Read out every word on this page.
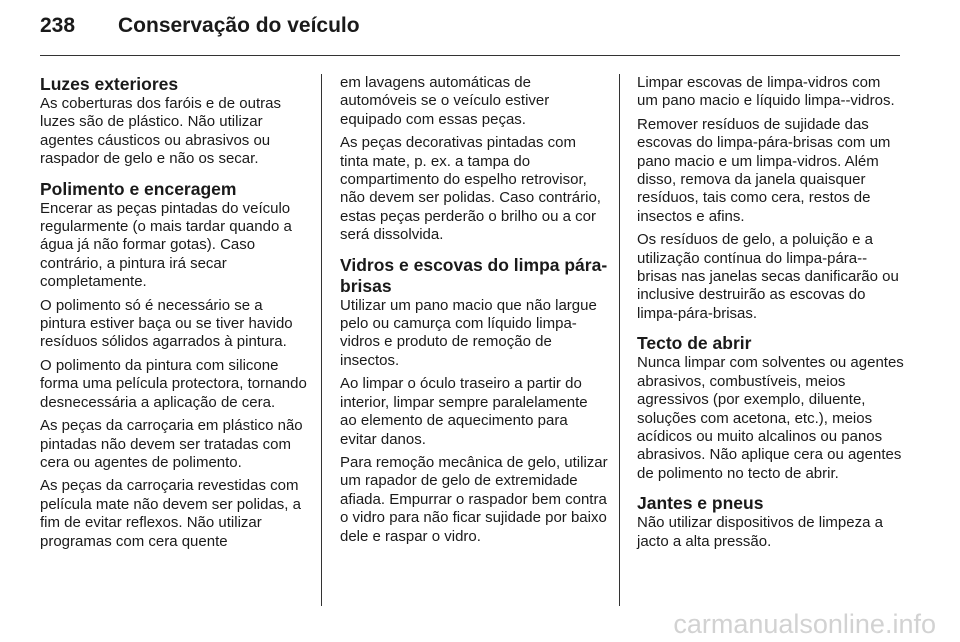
238	Conservação do veículo
Luzes exteriores

As coberturas dos faróis e de outras luzes são de plástico. Não utilizar agentes cáusticos ou abrasivos ou raspador de gelo e não os secar.

Polimento e enceragem

Encerar as peças pintadas do veículo regularmente (o mais tardar quando a água já não formar gotas). Caso contrário, a pintura irá secar completamente.

O polimento só é necessário se a pintura estiver baça ou se tiver havido resíduos sólidos agarrados à pintura.

O polimento da pintura com silicone forma uma película protectora, tornando desnecessária a aplicação de cera.

As peças da carroçaria em plástico não pintadas não devem ser tratadas com cera ou agentes de polimento.

As peças da carroçaria revestidas com película mate não devem ser polidas, a fim de evitar reflexos. Não utilizar programas com cera quente

em lavagens automáticas de automóveis se o veículo estiver equipado com essas peças.

As peças decorativas pintadas com tinta mate, p. ex. a tampa do compartimento do espelho retrovisor, não devem ser polidas. Caso contrário, estas peças perderão o brilho ou a cor será dissolvida.

Vidros e escovas do limpa pára-brisas

Utilizar um pano macio que não largue pelo ou camurça com líquido limpa-vidros e produto de remoção de insectos.

Ao limpar o óculo traseiro a partir do interior, limpar sempre paralelamente ao elemento de aquecimento para evitar danos.

Para remoção mecânica de gelo, utilizar um rapador de gelo de extremidade afiada. Empurrar o raspador bem contra o vidro para não ficar sujidade por baixo dele e raspar o vidro.

Limpar escovas de limpa-vidros com um pano macio e líquido limpa--vidros.

Remover resíduos de sujidade das escovas do limpa-pára-brisas com um pano macio e um limpa-vidros. Além disso, remova da janela quaisquer resíduos, tais como cera, restos de insectos e afins.

Os resíduos de gelo, a poluição e a utilização contínua do limpa-pára--brisas nas janelas secas danificarão ou inclusive destruirão as escovas do limpa-pára-brisas.

Tecto de abrir

Nunca limpar com solventes ou agentes abrasivos, combustíveis, meios agressivos (por exemplo, diluente, soluções com acetona, etc.), meios acídicos ou muito alcalinos ou panos abrasivos. Não aplique cera ou agentes de polimento no tecto de abrir.

Jantes e pneus

Não utilizar dispositivos de limpeza a jacto a alta pressão.

carmanualsonline.info
